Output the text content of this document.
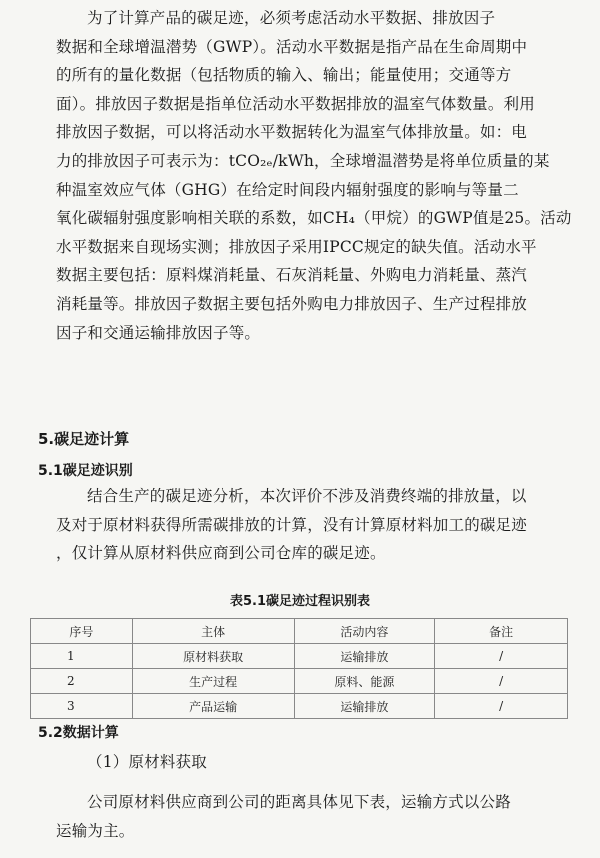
为了计算产品的碳足迹，必须考虑活动水平数据、排放因子
数据和全球增温潜势（GWP）。活动水平数据是指产品在生命周期中
的所有的量化数据（包括物质的输入、输出；能量使用；交通等方
面）。排放因子数据是指单位活动水平数据排放的温室气体数量。利用
排放因子数据，可以将活动水平数据转化为温室气体排放量。如：电
力的排放因子可表示为：tCO₂ₑ/kWh，全球增温潜势是将单位质量的某
种温室效应气体（GHG）在给定时间段内辐射强度的影响与等量二
氧化碳辐射强度影响相关联的系数，如CH₄（甲烷）的GWP值是25。活动
水平数据来自现场实测；排放因子采用IPCC规定的缺失值。活动水平
数据主要包括：原料煤消耗量、石灰消耗量、外购电力消耗量、蒸汽
消耗量等。排放因子数据主要包括外购电力排放因子、生产过程排放
因子和交通运输排放因子等。
5.碳足迹计算
5.1碳足迹识别
结合生产的碳足迹分析，本次评价不涉及消费终端的排放量，以
及对于原材料获得所需碳排放的计算，没有计算原材料加工的碳足迹
，仅计算从原材料供应商到公司仓库的碳足迹。
表5.1碳足迹过程识别表
序号	主体	活动内容	备注
1	原材料获取	运输排放	/
2	生产过程	原料、能源	/
3	产品运输	运输排放	/
5.2数据计算
（1）原材料获取
公司原材料供应商到公司的距离具体见下表，运输方式以公路
运输为主。
